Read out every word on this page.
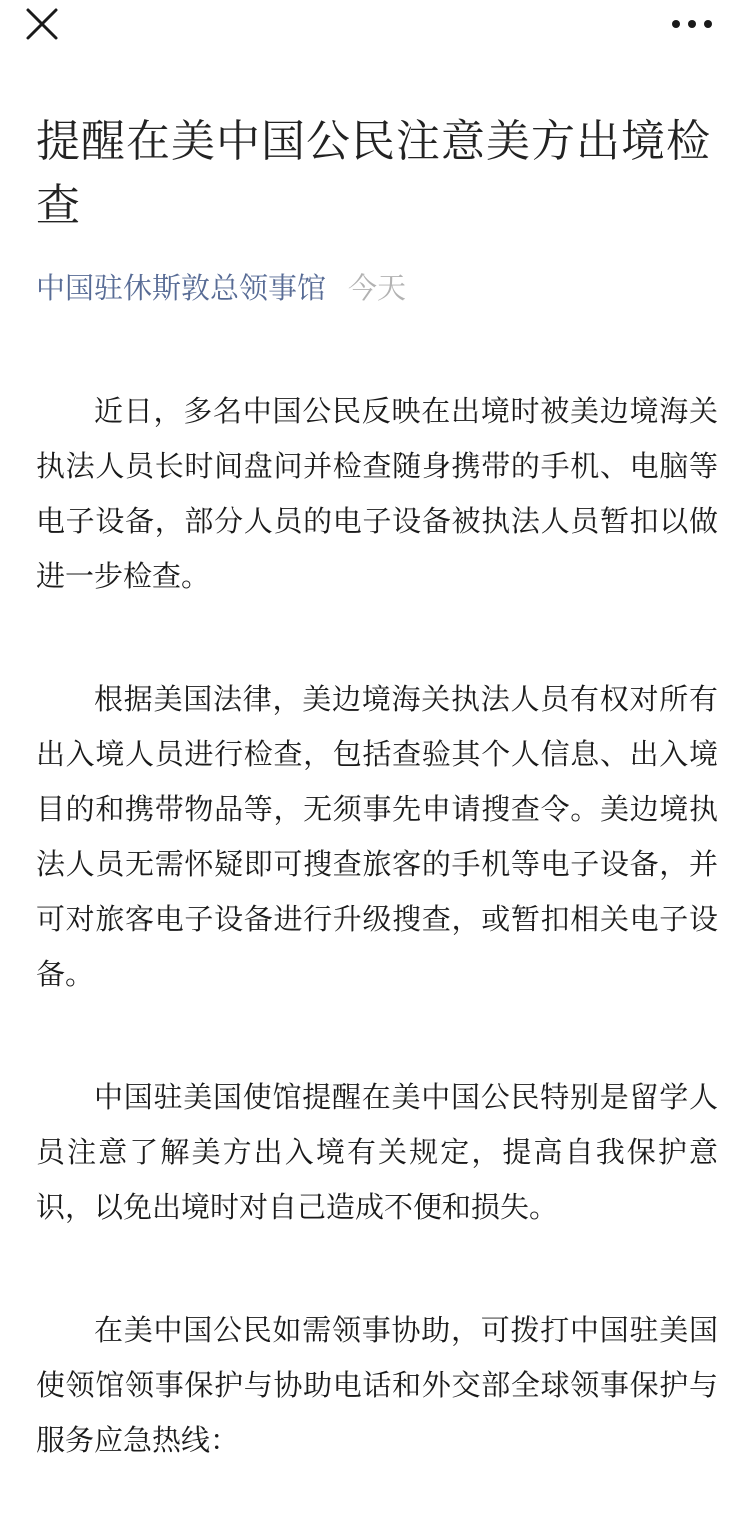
提醒在美中国公民注意美方出境检查
中国驻休斯敦总领事馆 今天

近日，多名中国公民反映在出境时被美边境海关执法人员长时间盘问并检查随身携带的手机、电脑等电子设备，部分人员的电子设备被执法人员暂扣以做进一步检查。

根据美国法律，美边境海关执法人员有权对所有出入境人员进行检查，包括查验其个人信息、出入境目的和携带物品等，无须事先申请搜查令。美边境执法人员无需怀疑即可搜查旅客的手机等电子设备，并可对旅客电子设备进行升级搜查，或暂扣相关电子设备。

中国驻美国使馆提醒在美中国公民特别是留学人员注意了解美方出入境有关规定，提高自我保护意识，以免出境时对自己造成不便和损失。

在美中国公民如需领事协助，可拨打中国驻美国使领馆领事保护与协助电话和外交部全球领事保护与服务应急热线：
